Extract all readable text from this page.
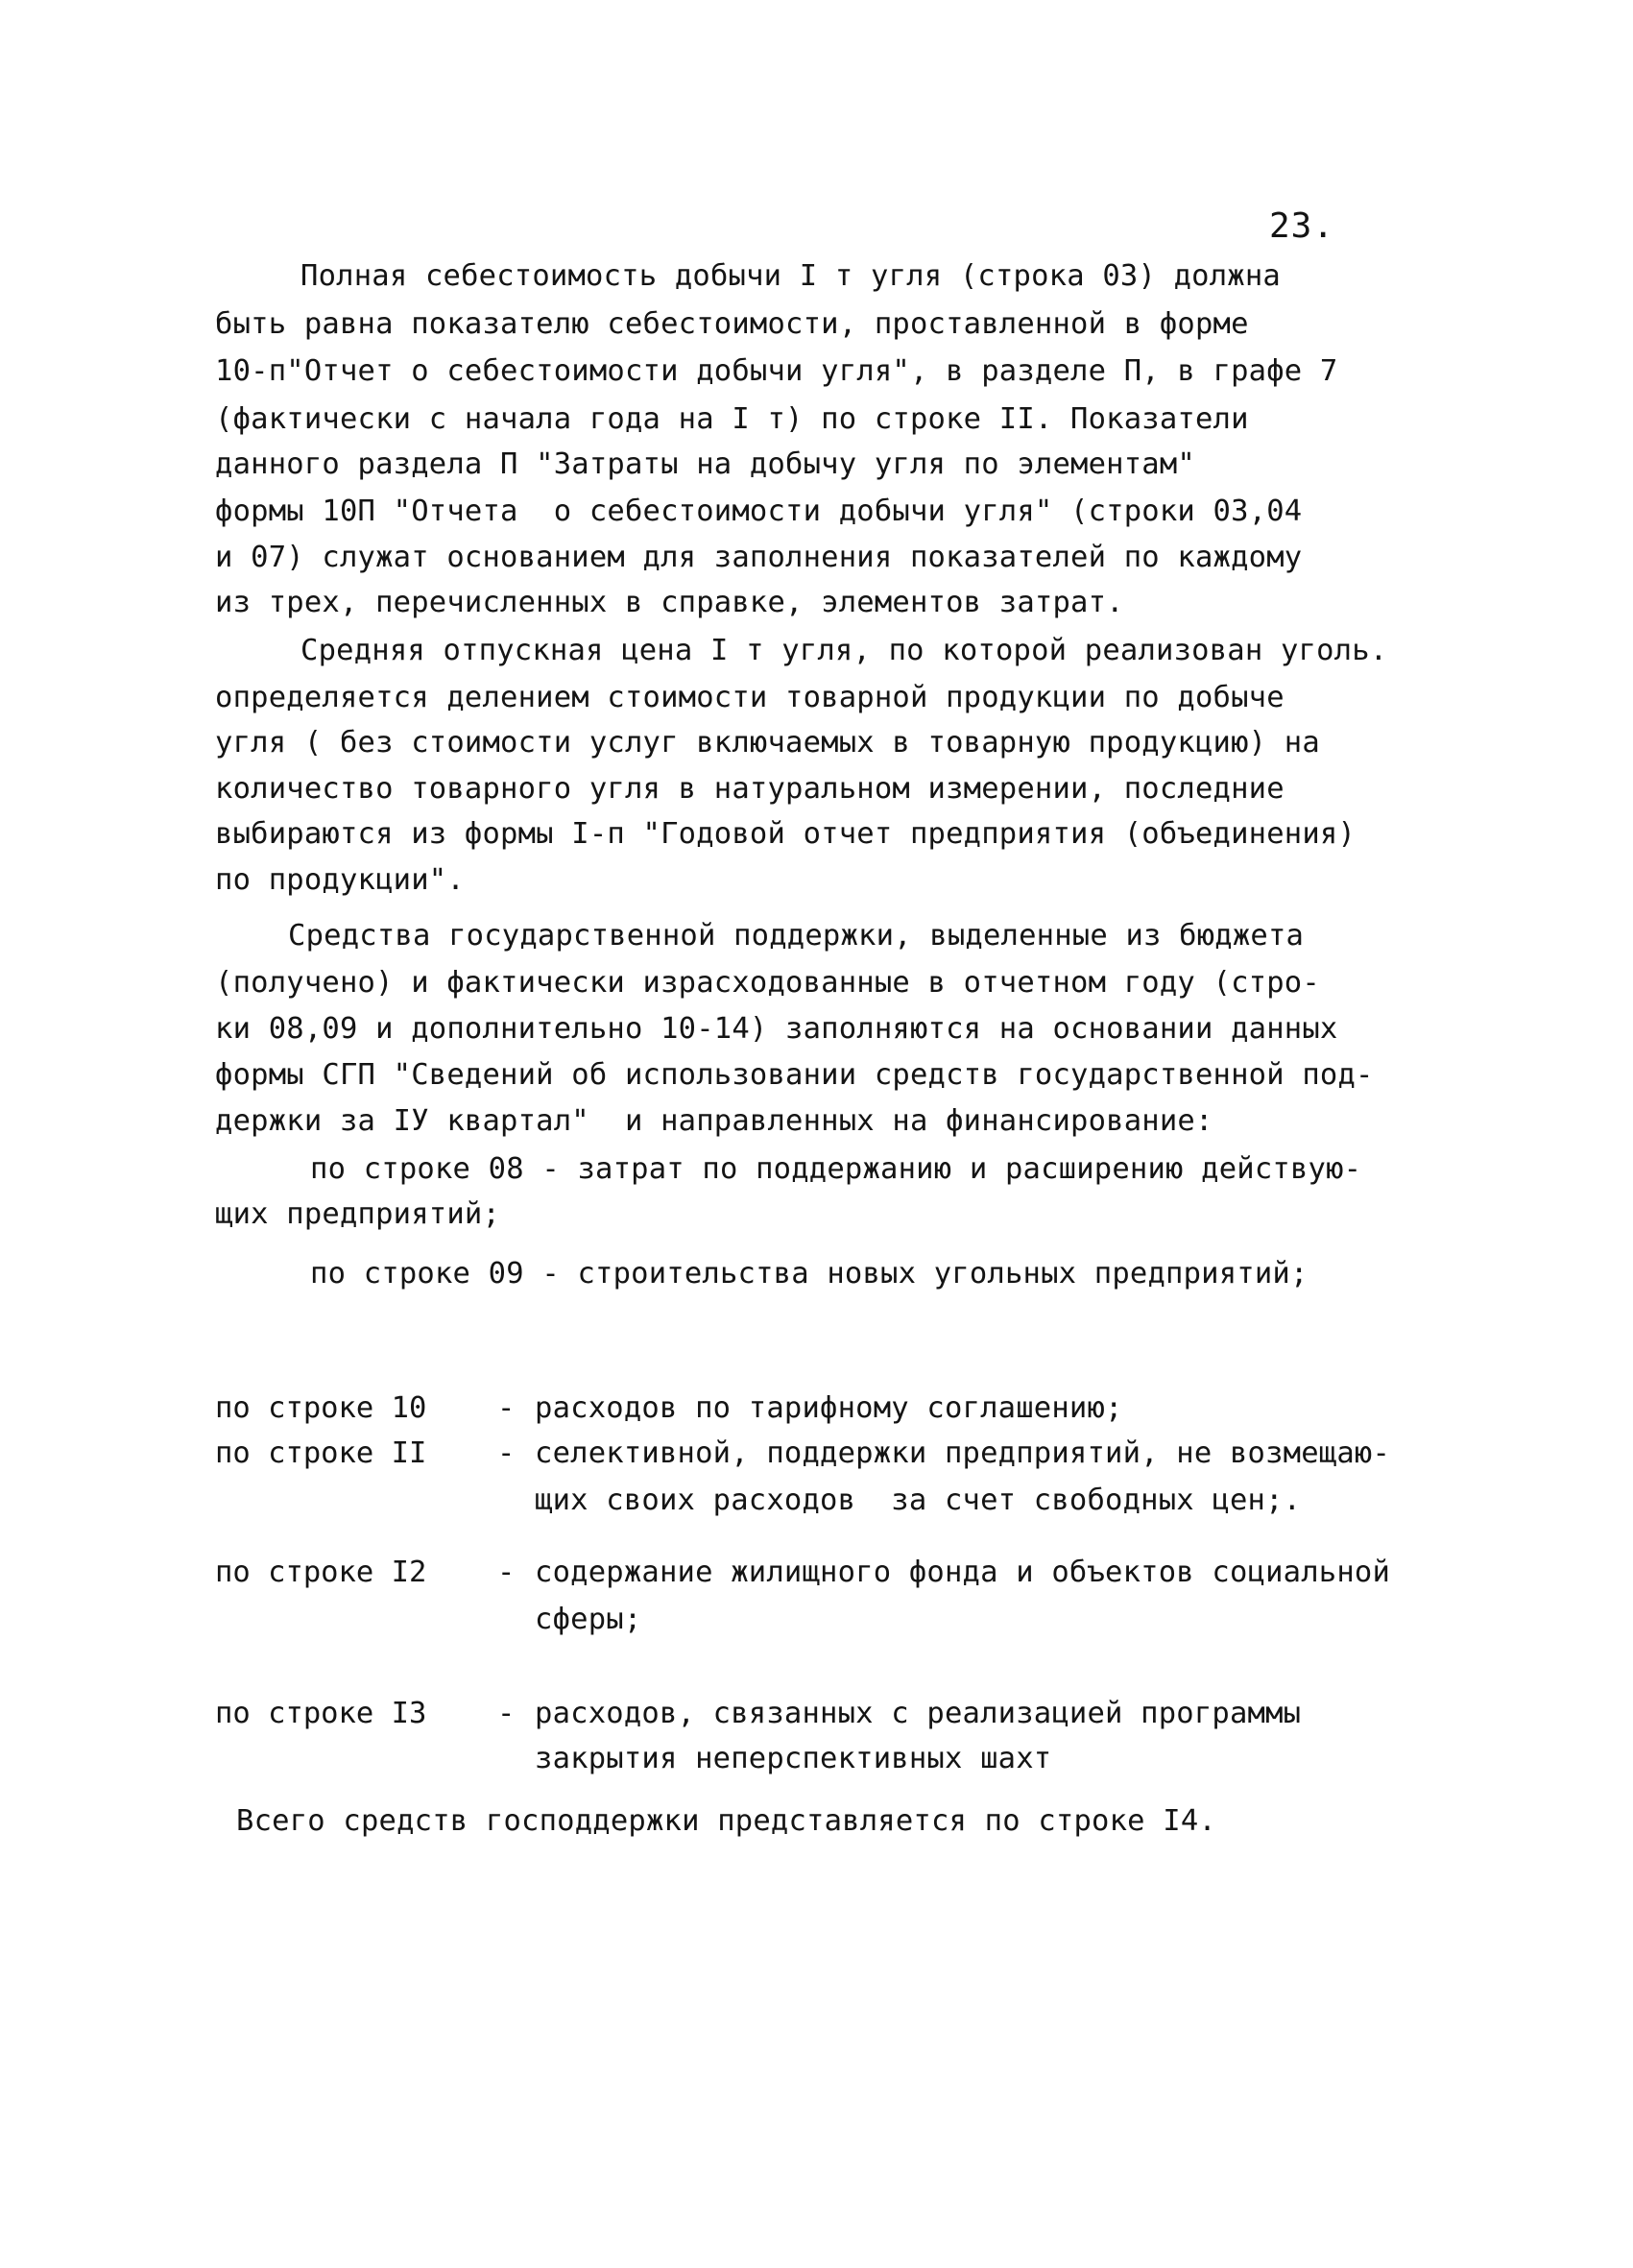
23.
Полная себестоимость добычи I т угля (строка 03) должна
быть равна показателю себестоимости, проставленной в форме
10-п"Отчет о себестоимости добычи угля", в разделе П, в графе 7
(фактически с начала года на I т) по строке II. Показатели
данного раздела П "Затраты на добычу угля по элементам"
формы 10П "Отчета  о себестоимости добычи угля" (строки 03,04
и 07) служат основанием для заполнения показателей по каждому
из трех, перечисленных в справке, элементов затрат.
Средняя отпускная цена I т угля, по которой реализован уголь.
определяется делением стоимости товарной продукции по добыче
угля ( без стоимости услуг включаемых в товарную продукцию) на
количество товарного угля в натуральном измерении, последние
выбираются из формы I-п "Годовой отчет предприятия (объединения)
по продукции".
Средства государственной поддержки, выделенные из бюджета
(получено) и фактически израсходованные в отчетном году (стро-
ки 08,09 и дополнительно 10-14) заполняются на основании данных
формы СГП "Сведений об использовании средств государственной под-
держки за IУ квартал"  и направленных на финансирование:
по строке 08 - затрат по поддержанию и расширению действую-
щих предприятий;
по строке 09 - строительства новых угольных предприятий;
по строке 10 - расходов по тарифному соглашению;
по строке II - селективной, поддержки предприятий, не возмещаю-
щих своих расходов  за счет свободных цен;.
по строке I2 - содержание жилищного фонда и объектов социальной
сферы;
по строке I3 - расходов, связанных с реализацией программы
закрытия неперспективных шахт
Всего средств господдержки представляется по строке I4.
